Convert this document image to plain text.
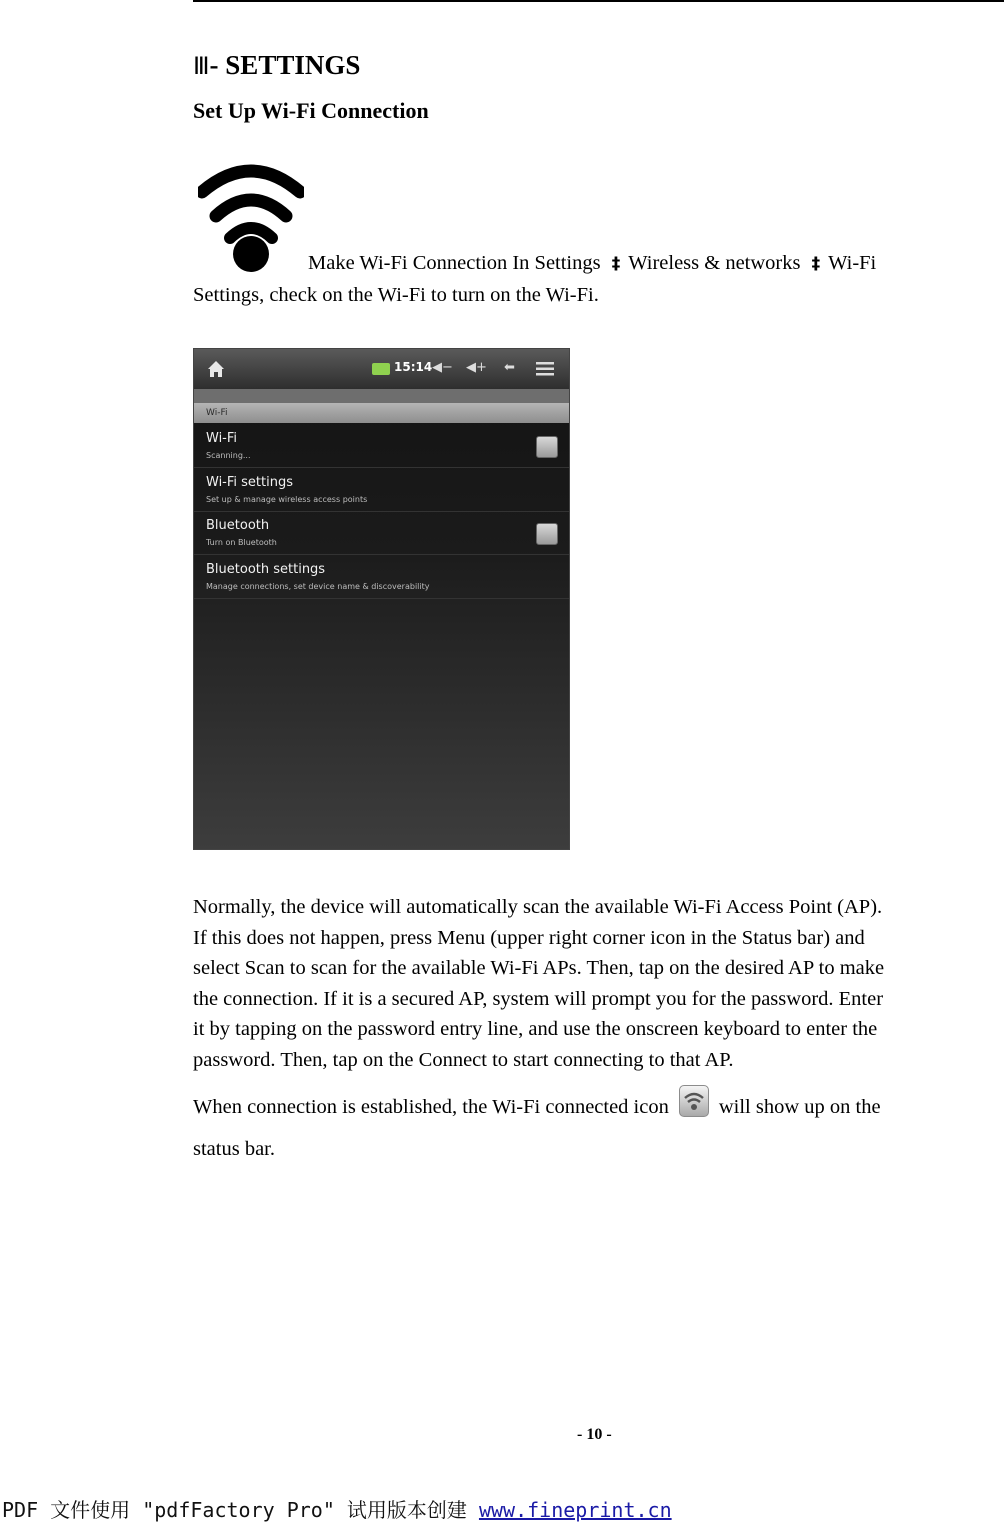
Ⅲ- SETTINGS
Set Up Wi-Fi Connection
Make Wi-Fi Connection In Settings ‡ Wireless & networks ‡ Wi-Fi
Settings, check on the Wi-Fi to turn on the Wi-Fi.
15:14 ◀− ◀+ ⬅
Wi-Fi
Wi-Fi
Scanning...
Wi-Fi settings
Set up & manage wireless access points
Bluetooth
Turn on Bluetooth
Bluetooth settings
Manage connections, set device name & discoverability
Normally, the device will automatically scan the available Wi-Fi Access Point (AP).
If this does not happen, press Menu (upper right corner icon in the Status bar) and
select Scan to scan for the available Wi-Fi APs. Then, tap on the desired AP to make
the connection. If it is a secured AP, system will prompt you for the password. Enter
it by tapping on the password entry line, and use the onscreen keyboard to enter the
password. Then, tap on the Connect to start connecting to that AP.
When connection is established, the Wi-Fi connected icon will show up on the
status bar.
- 10 -
PDF 文件使用 "pdfFactory Pro" 试用版本创建 www.fineprint.cn
